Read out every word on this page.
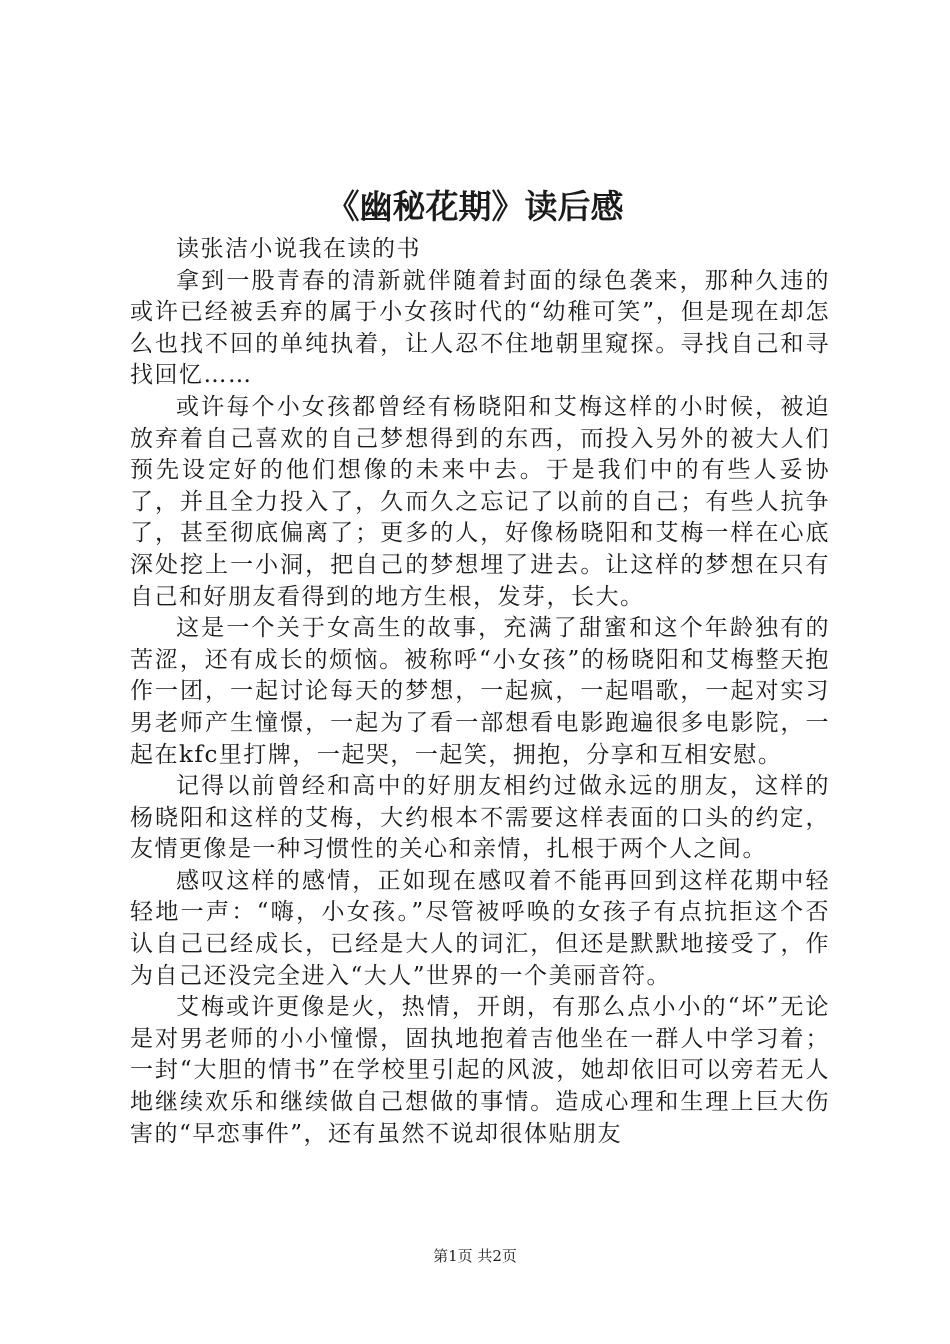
《幽秘花期》读后感

读张洁小说我在读的书

拿到一股青春的清新就伴随着封面的绿色袭来，那种久违的或许已经被丢弃的属于小女孩时代的“幼稚可笑”，但是现在却怎么也找不回的单纯执着，让人忍不住地朝里窥探。寻找自己和寻找回忆……

或许每个小女孩都曾经有杨晓阳和艾梅这样的小时候，被迫放弃着自己喜欢的自己梦想得到的东西，而投入另外的被大人们预先设定好的他们想像的未来中去。于是我们中的有些人妥协了，并且全力投入了，久而久之忘记了以前的自己；有些人抗争了，甚至彻底偏离了；更多的人，好像杨晓阳和艾梅一样在心底深处挖上一小洞，把自己的梦想埋了进去。让这样的梦想在只有自己和好朋友看得到的地方生根，发芽，长大。

这是一个关于女高生的故事，充满了甜蜜和这个年龄独有的苦涩，还有成长的烦恼。被称呼“小女孩”的杨晓阳和艾梅整天抱作一团，一起讨论每天的梦想，一起疯，一起唱歌，一起对实习男老师产生憧憬，一起为了看一部想看电影跑遍很多电影院，一起在kfc里打牌，一起哭，一起笑，拥抱，分享和互相安慰。

记得以前曾经和高中的好朋友相约过做永远的朋友，这样的杨晓阳和这样的艾梅，大约根本不需要这样表面的口头的约定，友情更像是一种习惯性的关心和亲情，扎根于两个人之间。

感叹这样的感情，正如现在感叹着不能再回到这样花期中轻轻地一声：“嗨，小女孩。”尽管被呼唤的女孩子有点抗拒这个否认自己已经成长，已经是大人的词汇，但还是默默地接受了，作为自己还没完全进入“大人”世界的一个美丽音符。

艾梅或许更像是火，热情，开朗，有那么点小小的“坏”无论是对男老师的小小憧憬，固执地抱着吉他坐在一群人中学习着；一封“大胆的情书”在学校里引起的风波，她却依旧可以旁若无人地继续欢乐和继续做自己想做的事情。造成心理和生理上巨大伤害的“早恋事件”，还有虽然不说却很体贴朋友

第1页 共2页
